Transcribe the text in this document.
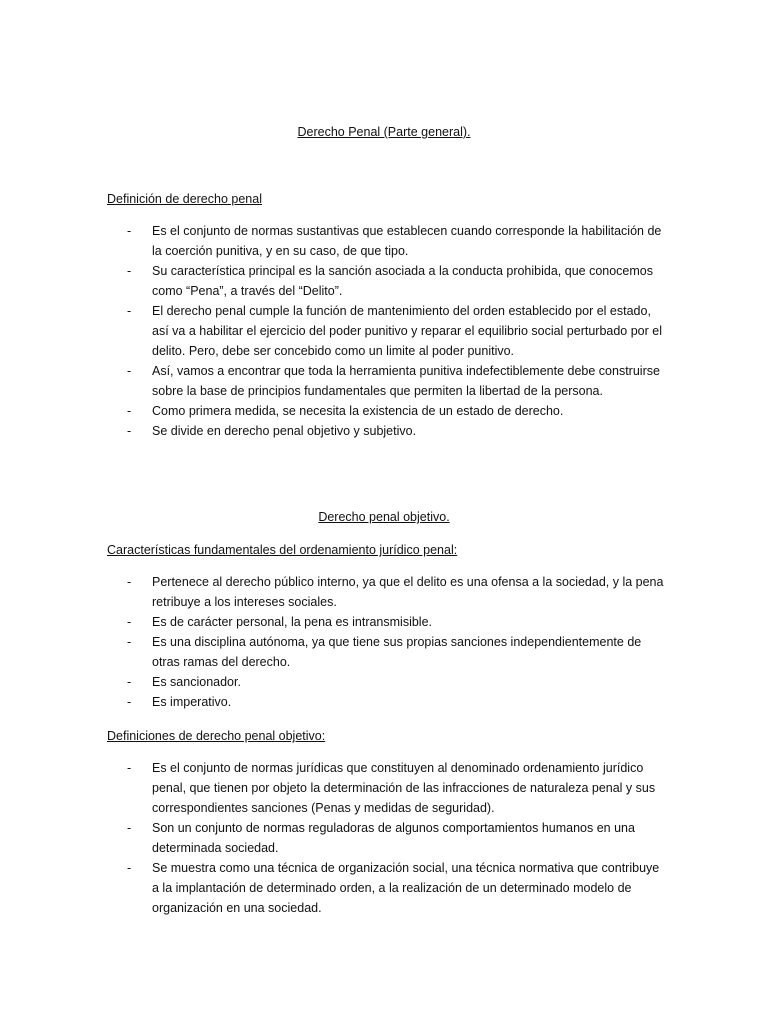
Derecho Penal (Parte general).
Definición de derecho penal
- Es el conjunto de normas sustantivas que establecen cuando corresponde la habilitación de la coerción punitiva, y en su caso, de que tipo.
- Su característica principal es la sanción asociada a la conducta prohibida, que conocemos como “Pena”, a través del “Delito”.
- El derecho penal cumple la función de mantenimiento del orden establecido por el estado, así va a habilitar el ejercicio del poder punitivo y reparar el equilibrio social perturbado por el delito. Pero, debe ser concebido como un limite al poder punitivo.
- Así, vamos a encontrar que toda la herramienta punitiva indefectiblemente debe construirse sobre la base de principios fundamentales que permiten la libertad de la persona.
- Como primera medida, se necesita la existencia de un estado de derecho.
- Se divide en derecho penal objetivo y subjetivo.
Derecho penal objetivo.
Características fundamentales del ordenamiento jurídico penal:
- Pertenece al derecho público interno, ya que el delito es una ofensa a la sociedad, y la pena retribuye a los intereses sociales.
- Es de carácter personal, la pena es intransmisible.
- Es una disciplina autónoma, ya que tiene sus propias sanciones independientemente de otras ramas del derecho.
- Es sancionador.
- Es imperativo.
Definiciones de derecho penal objetivo:
- Es el conjunto de normas jurídicas que constituyen al denominado ordenamiento jurídico penal, que tienen por objeto la determinación de las infracciones de naturaleza penal y sus correspondientes sanciones (Penas y medidas de seguridad).
- Son un conjunto de normas reguladoras de algunos comportamientos humanos en una determinada sociedad.
- Se muestra como una técnica de organización social, una técnica normativa que contribuye a la implantación de determinado orden, a la realización de un determinado modelo de organización en una sociedad.
